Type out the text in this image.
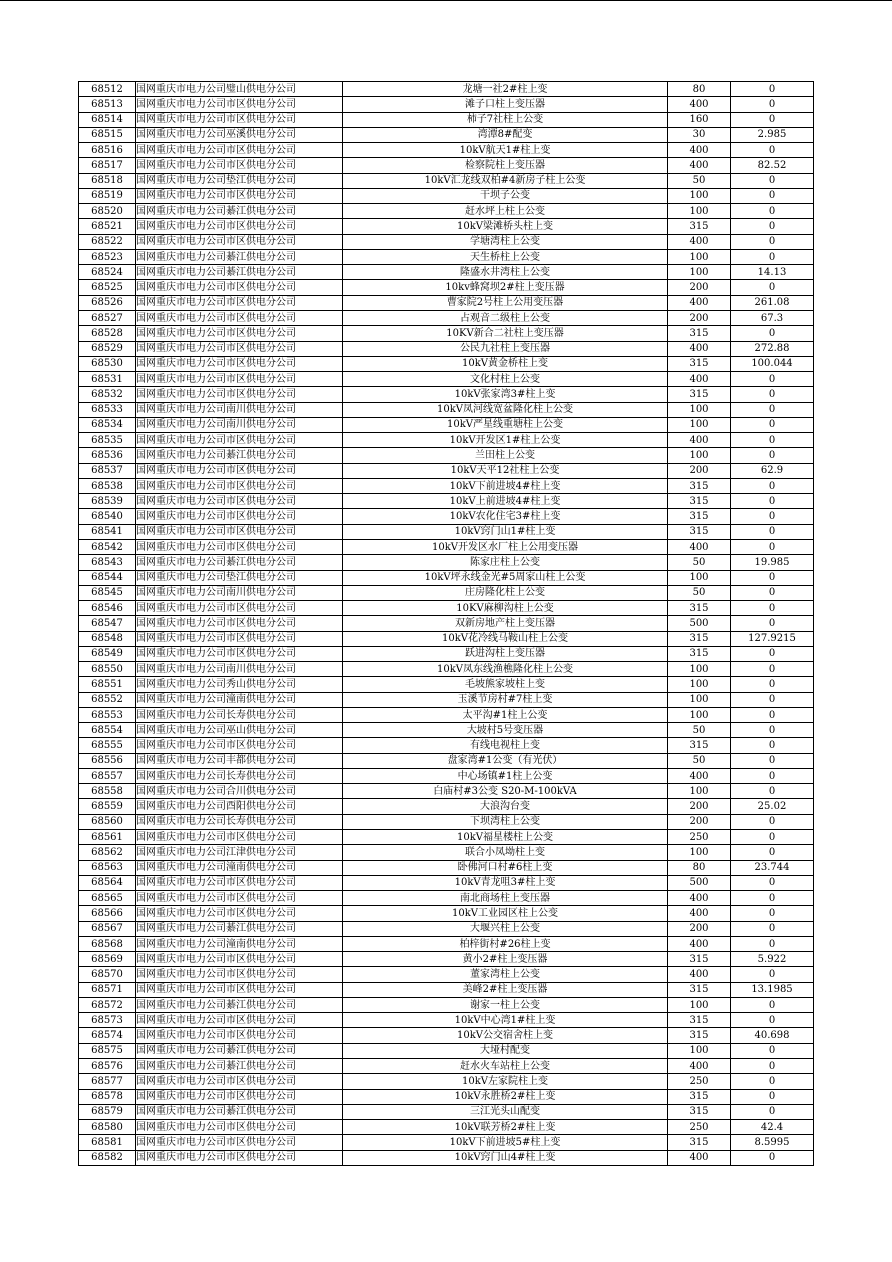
68512	国网重庆市电力公司璧山供电分公司	龙塘一社2#柱上变	80	0
68513	国网重庆市电力公司市区供电分公司	滩子口柱上变压器	400	0
68514	国网重庆市电力公司市区供电分公司	柿子7社柱上公变	160	0
68515	国网重庆市电力公司巫溪供电分公司	湾潭8#配变	30	2.985
68516	国网重庆市电力公司市区供电分公司	10kV航天1#柱上变	400	0
68517	国网重庆市电力公司市区供电分公司	检察院柱上变压器	400	82.52
68518	国网重庆市电力公司垫江供电分公司	10kV汇龙线双柏#4新房子柱上公变	50	0
68519	国网重庆市电力公司市区供电分公司	干坝子公变	100	0
68520	国网重庆市电力公司綦江供电分公司	赶水坪上柱上公变	100	0
68521	国网重庆市电力公司市区供电分公司	10kV梁滩桥头柱上变	315	0
68522	国网重庆市电力公司市区供电分公司	学塘湾柱上公变	400	0
68523	国网重庆市电力公司綦江供电分公司	天生桥柱上公变	100	0
68524	国网重庆市电力公司綦江供电分公司	隆盛水井湾柱上公变	100	14.13
68525	国网重庆市电力公司市区供电分公司	10kv蜂窝坝2#柱上变压器	200	0
68526	国网重庆市电力公司市区供电分公司	曹家院2号柱上公用变压器	400	261.08
68527	国网重庆市电力公司市区供电分公司	占观音二级柱上公变	200	67.3
68528	国网重庆市电力公司市区供电分公司	10KV新合二社柱上变压器	315	0
68529	国网重庆市电力公司市区供电分公司	公民九社柱上变压器	400	272.88
68530	国网重庆市电力公司市区供电分公司	10kV黄金桥柱上变	315	100.044
68531	国网重庆市电力公司市区供电分公司	文化村柱上公变	400	0
68532	国网重庆市电力公司市区供电分公司	10kV张家湾3#柱上变	315	0
68533	国网重庆市电力公司南川供电分公司	10kV凤河线宽盆隆化柱上公变	100	0
68534	国网重庆市电力公司南川供电分公司	10kV严星线重塘柱上公变	100	0
68535	国网重庆市电力公司市区供电分公司	10kV开发区1#柱上公变	400	0
68536	国网重庆市电力公司綦江供电分公司	兰田柱上公变	100	0
68537	国网重庆市电力公司市区供电分公司	10kV天平12社柱上公变	200	62.9
68538	国网重庆市电力公司市区供电分公司	10kV下前进坡4#柱上变	315	0
68539	国网重庆市电力公司市区供电分公司	10kV上前进坡4#柱上变	315	0
68540	国网重庆市电力公司市区供电分公司	10kV农化住宅3#柱上变	315	0
68541	国网重庆市电力公司市区供电分公司	10kV窍门山1#柱上变	315	0
68542	国网重庆市电力公司市区供电分公司	10kV开发区水厂柱上公用变压器	400	0
68543	国网重庆市电力公司綦江供电分公司	陈家庄柱上公变	50	19.985
68544	国网重庆市电力公司垫江供电分公司	10kV坪永线金光#5周家山柱上公变	100	0
68545	国网重庆市电力公司南川供电分公司	庄房隆化柱上公变	50	0
68546	国网重庆市电力公司市区供电分公司	10KV麻柳沟柱上公变	315	0
68547	国网重庆市电力公司市区供电分公司	双新房地产柱上变压器	500	0
68548	国网重庆市电力公司市区供电分公司	10kV花冷线马鞍山柱上公变	315	127.9215
68549	国网重庆市电力公司市区供电分公司	跃进沟柱上变压器	315	0
68550	国网重庆市电力公司南川供电分公司	10kV凤东线渔樵隆化柱上公变	100	0
68551	国网重庆市电力公司秀山供电分公司	毛坡熊家坡柱上变	100	0
68552	国网重庆市电力公司潼南供电分公司	玉溪节房村#7柱上变	100	0
68553	国网重庆市电力公司长寿供电分公司	太平沟#1柱上公变	100	0
68554	国网重庆市电力公司巫山供电分公司	大坡村5号变压器	50	0
68555	国网重庆市电力公司市区供电分公司	有线电视柱上变	315	0
68556	国网重庆市电力公司丰都供电分公司	盘家湾#1公变（有光伏）	50	0
68557	国网重庆市电力公司长寿供电分公司	中心场镇#1柱上公变	400	0
68558	国网重庆市电力公司合川供电分公司	白庙村#3公变 S20-M-100kVA	100	0
68559	国网重庆市电力公司酉阳供电分公司	大浪沟台变	200	25.02
68560	国网重庆市电力公司长寿供电分公司	下坝湾柱上公变	200	0
68561	国网重庆市电力公司市区供电分公司	10kV福星楼柱上公变	250	0
68562	国网重庆市电力公司江津供电分公司	联合小凤坳柱上变	100	0
68563	国网重庆市电力公司潼南供电分公司	卧佛河口村#6柱上变	80	23.744
68564	国网重庆市电力公司市区供电分公司	10kV青龙咀3#柱上变	500	0
68565	国网重庆市电力公司市区供电分公司	南北商场柱上变压器	400	0
68566	国网重庆市电力公司市区供电分公司	10kV工业园区柱上公变	400	0
68567	国网重庆市电力公司綦江供电分公司	大堰兴柱上公变	200	0
68568	国网重庆市电力公司潼南供电分公司	柏梓街村#26柱上变	400	0
68569	国网重庆市电力公司市区供电分公司	黄小2#柱上变压器	315	5.922
68570	国网重庆市电力公司市区供电分公司	董家湾柱上公变	400	0
68571	国网重庆市电力公司市区供电分公司	美峰2#柱上变压器	315	13.1985
68572	国网重庆市电力公司綦江供电分公司	谢家一柱上公变	100	0
68573	国网重庆市电力公司市区供电分公司	10kV中心湾1#柱上变	315	0
68574	国网重庆市电力公司市区供电分公司	10kV公交宿舍柱上变	315	40.698
68575	国网重庆市电力公司綦江供电分公司	大垭村配变	100	0
68576	国网重庆市电力公司綦江供电分公司	赶水火车站柱上公变	400	0
68577	国网重庆市电力公司市区供电分公司	10kV左家院柱上变	250	0
68578	国网重庆市电力公司市区供电分公司	10kV永胜桥2#柱上变	315	0
68579	国网重庆市电力公司綦江供电分公司	三江光头山配变	315	0
68580	国网重庆市电力公司市区供电分公司	10kV联芳桥2#柱上变	250	42.4
68581	国网重庆市电力公司市区供电分公司	10kV下前进坡5#柱上变	315	8.5995
68582	国网重庆市电力公司市区供电分公司	10kV窍门山4#柱上变	400	0
